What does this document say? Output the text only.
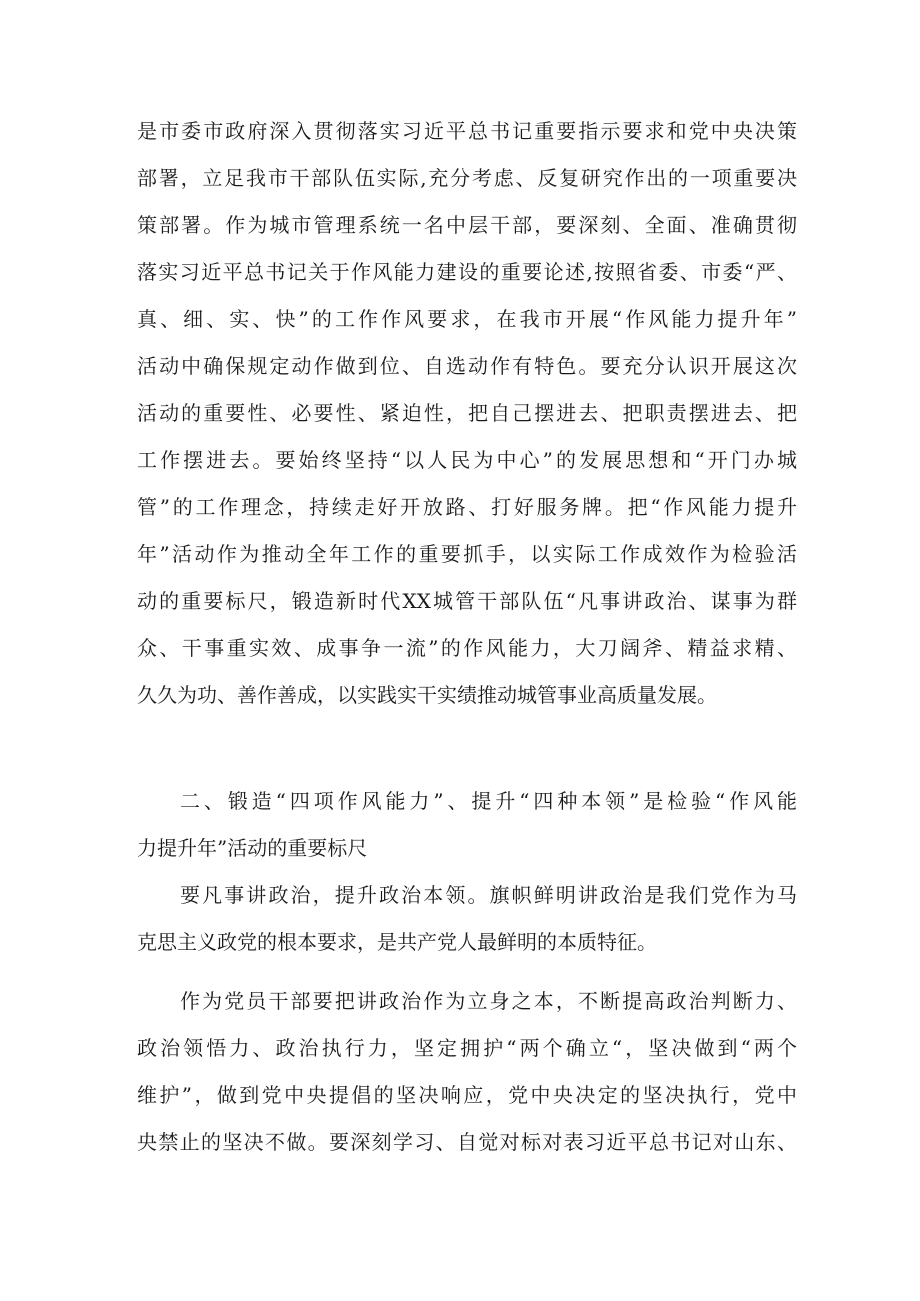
是市委市政府深入贯彻落实习近平总书记重要指示要求和党中央决策
部署，立足我市干部队伍实际,充分考虑、反复研究作出的一项重要决
策部署。作为城市管理系统一名中层干部，要深刻、全面、准确贯彻
落实习近平总书记关于作风能力建设的重要论述,按照省委、市委“严、
真、细、实、快”的工作作风要求，在我市开展“作风能力提升年”
活动中确保规定动作做到位、自选动作有特色。要充分认识开展这次
活动的重要性、必要性、紧迫性，把自己摆进去、把职责摆进去、把
工作摆进去。要始终坚持“以人民为中心”的发展思想和“开门办城
管”的工作理念，持续走好开放路、打好服务牌。把“作风能力提升
年”活动作为推动全年工作的重要抓手，以实际工作成效作为检验活
动的重要标尺，锻造新时代XX城管干部队伍“凡事讲政治、谋事为群
众、干事重实效、成事争一流”的作风能力，大刀阔斧、精益求精、
久久为功、善作善成，以实践实干实绩推动城管事业高质量发展。
二、锻造“四项作风能力”、提升“四种本领”是检验“作风能
力提升年”活动的重要标尺
要凡事讲政治，提升政治本领。旗帜鲜明讲政治是我们党作为马
克思主义政党的根本要求，是共产党人最鲜明的本质特征。
作为党员干部要把讲政治作为立身之本，不断提高政治判断力、
政治领悟力、政治执行力，坚定拥护“两个确立“，坚决做到“两个
维护”，做到党中央提倡的坚决响应，党中央决定的坚决执行，党中
央禁止的坚决不做。要深刻学习、自觉对标对表习近平总书记对山东、
